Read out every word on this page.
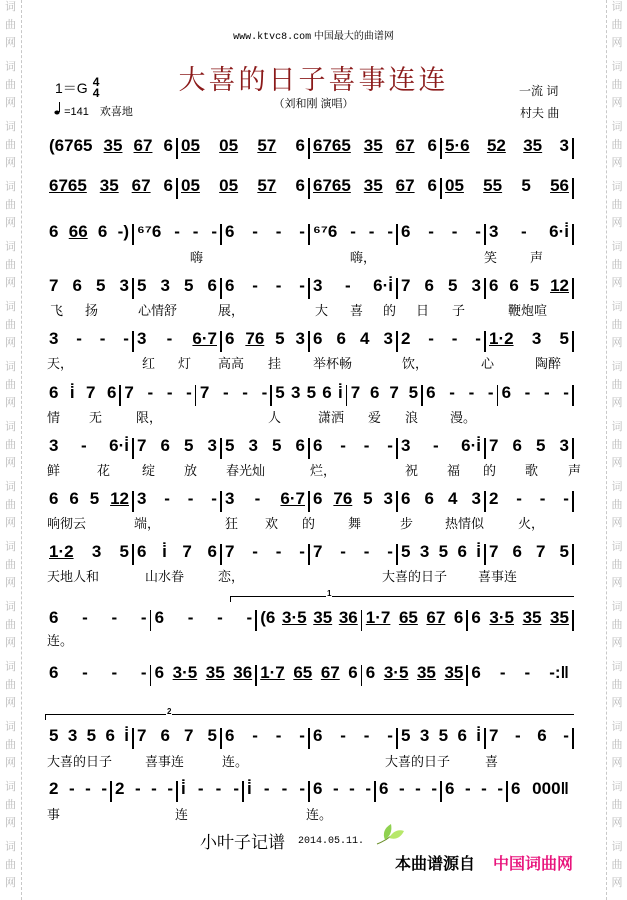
词
曲
网
词
曲
网
词
曲
网
词
曲
网
词
曲
网
词
曲
网
词
曲
网
词
曲
网
词
曲
网
词
曲
网
词
曲
网
词
曲
网
词
曲
网
词
曲
网
词
曲
网
词
曲
网
词
曲
网
词
曲
网
词
曲
网
词
曲
网
词
曲
网
词
曲
网
词
曲
网
词
曲
网
词
曲
网
词
曲
网
词
曲
网
词
曲
网
词
曲
网
词
曲
网
www.ktvc8.com 中国最大的曲谱网
大喜的日子喜事连连
（刘和刚 演唱）
1＝G 4
4
=141 欢喜地
一流 词
村夫 曲
(6765 35 67 6 05 05 57 6 6765 35 67 6 5·6 52 35 3
6765 35 67 6 05 05 57 6 6765 35 67 6 05 55 5 56
6 66 6 -) ⁶⁷6 - - - 6 - - - ⁶⁷6 - - - 6 - - - 3 - 6·i̇
7 6 5 3 5 3 5 6 6 - - - 3 - 6·i̇ 7 6 5 3 6 6 5 12
3 - - - 3 - 6·7 6 76 5 3 6 6 4 3 2 - - - 1·2 3 5
6 i̇ 7 6 7 - - - 7 - - - 5 3 5 6 i̇ 7 6 7 5 6 - - - 6 - - -
3 - 6·i̇ 7 6 5 3 5 3 5 6 6 - - - 3 - 6·i̇ 7 6 5 3
6 6 5 12 3 - - - 3 - 6·7 6 76 5 3 6 6 4 3 2 - - -
1·2 3 5 6 i̇ 7 6 7 - - - 7 - - - 5 3 5 6 i̇ 7 6 7 5
6 - - - 6 - - - (6 3·5 35 36 1·7 65 67 6 6 3·5 35 35
1
6 - - - 6 3·5 35 36 1·7 65 67 6 6 3·5 35 35 6 - - -:‖
5 3 5 6 i̇ 7 6 7 5 6 - - - 6 - - - 5 3 5 6 i̇ 7 - 6 -
2
2 - - - 2 - - - i̇ - - - i̇ - - - 6 - - - 6 - - - 6 - - - 6 000‖
嗨	嗨，	笑	声
飞 扬	心情舒	展，	大 喜 的 日 子	鞭炮喧
天，	红 灯 高高 挂 举杯畅	饮，	心	陶醉
情 无	限，	人	潇洒 爱 浪 漫。
鲜	花 绽 放 春光灿	烂，	祝 福 的 歌 声
响彻云	端，	狂 欢 的	舞	步 热情似	火，
天地人和	山水眷	恋，	大喜的日子 喜事连
连。
大喜的日子	喜事连	连。	大喜的日子	喜
事	连	连。
小叶子记谱 2014.05.11.
本曲谱源自 中国词曲网
